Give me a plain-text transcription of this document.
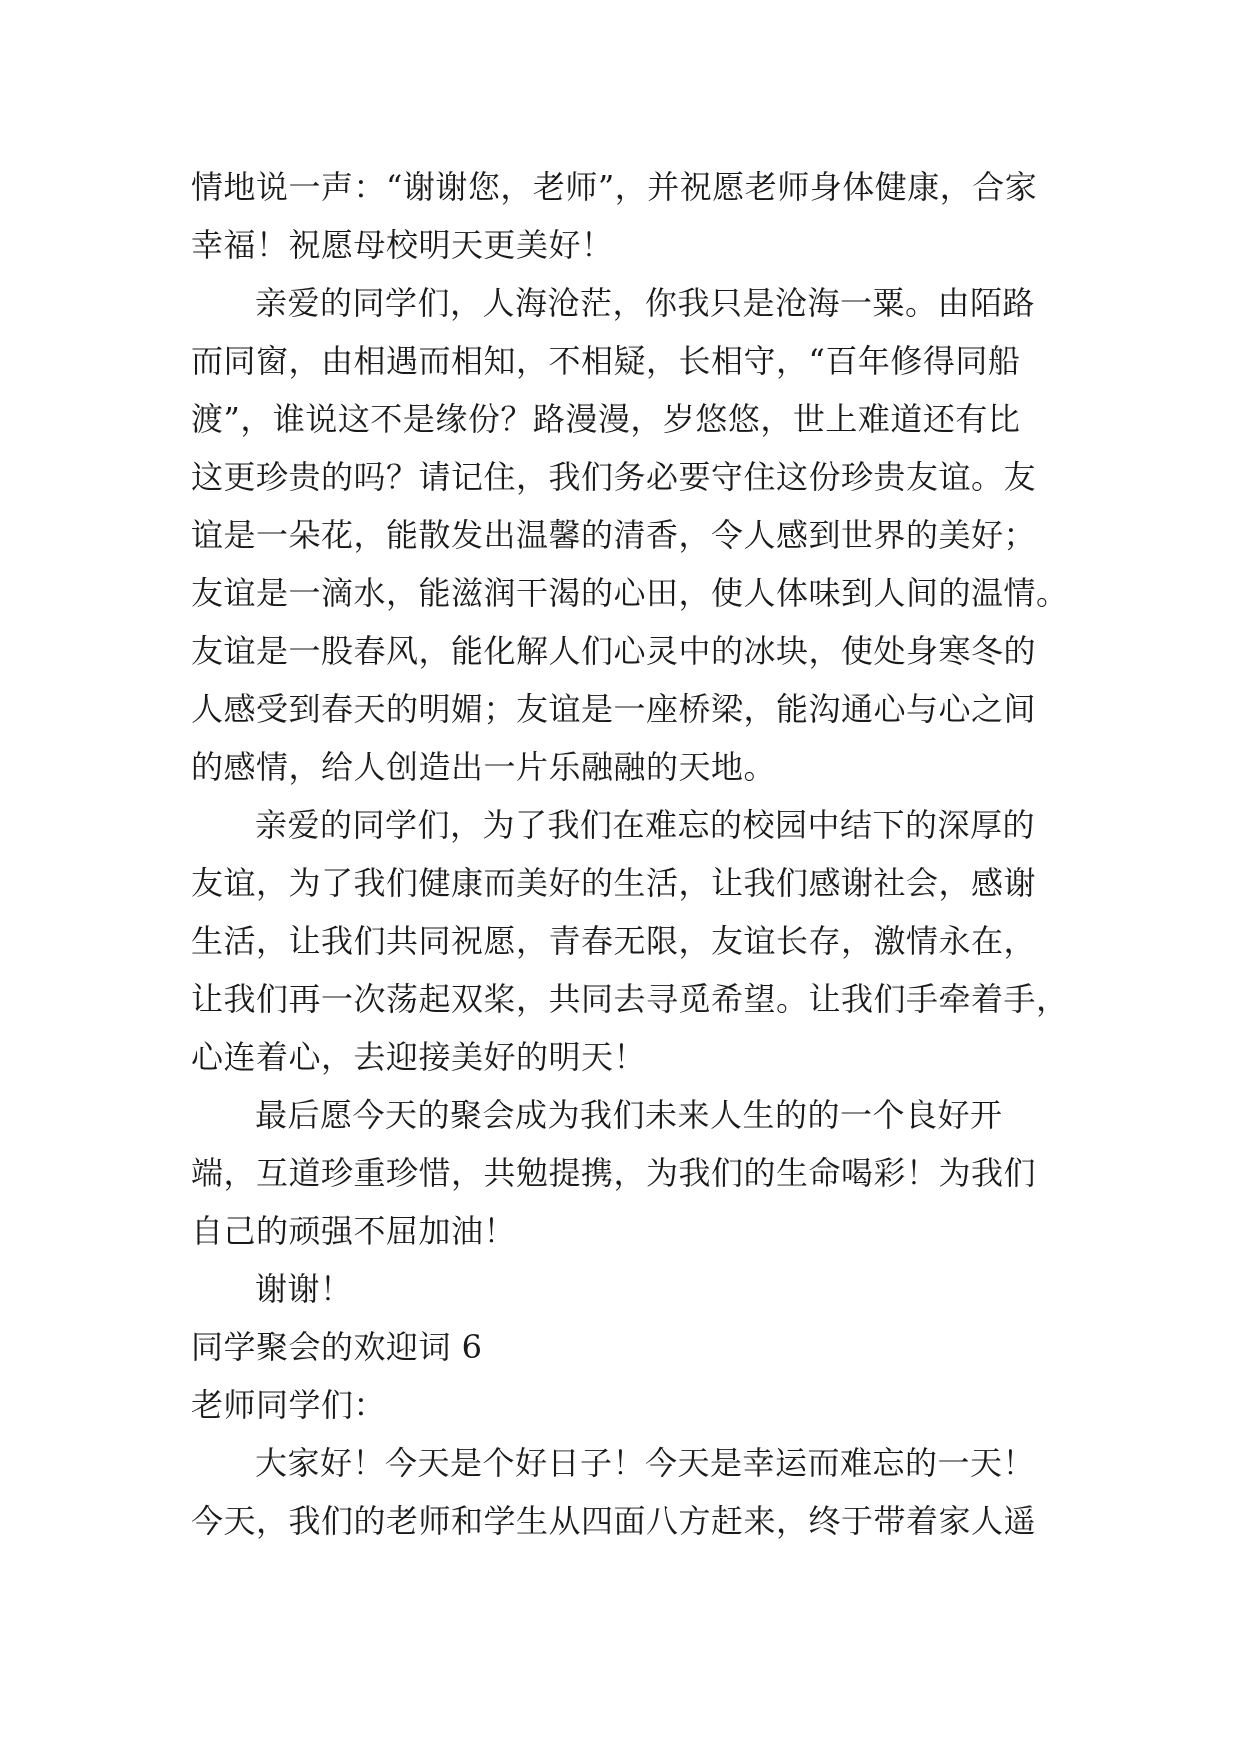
情地说一声：“谢谢您，老师”，并祝愿老师身体健康，合家
幸福！祝愿母校明天更美好！
亲爱的同学们，人海沧茫，你我只是沧海一粟。由陌路
而同窗，由相遇而相知，不相疑，长相守，“百年修得同船
渡”，谁说这不是缘份？路漫漫，岁悠悠，世上难道还有比
这更珍贵的吗？请记住，我们务必要守住这份珍贵友谊。友
谊是一朵花，能散发出温馨的清香，令人感到世界的美好；
友谊是一滴水，能滋润干渴的心田，使人体味到人间的温情。
友谊是一股春风，能化解人们心灵中的冰块，使处身寒冬的
人感受到春天的明媚；友谊是一座桥梁，能沟通心与心之间
的感情，给人创造出一片乐融融的天地。
亲爱的同学们，为了我们在难忘的校园中结下的深厚的
友谊，为了我们健康而美好的生活，让我们感谢社会，感谢
生活，让我们共同祝愿，青春无限，友谊长存，激情永在，
让我们再一次荡起双桨，共同去寻觅希望。让我们手牵着手，
心连着心，去迎接美好的明天！
最后愿今天的聚会成为我们未来人生的的一个良好开
端，互道珍重珍惜，共勉提携，为我们的生命喝彩！为我们
自己的顽强不屈加油！
谢谢！
同学聚会的欢迎词 6
老师同学们：
大家好！今天是个好日子！今天是幸运而难忘的一天！
今天，我们的老师和学生从四面八方赶来，终于带着家人遥
